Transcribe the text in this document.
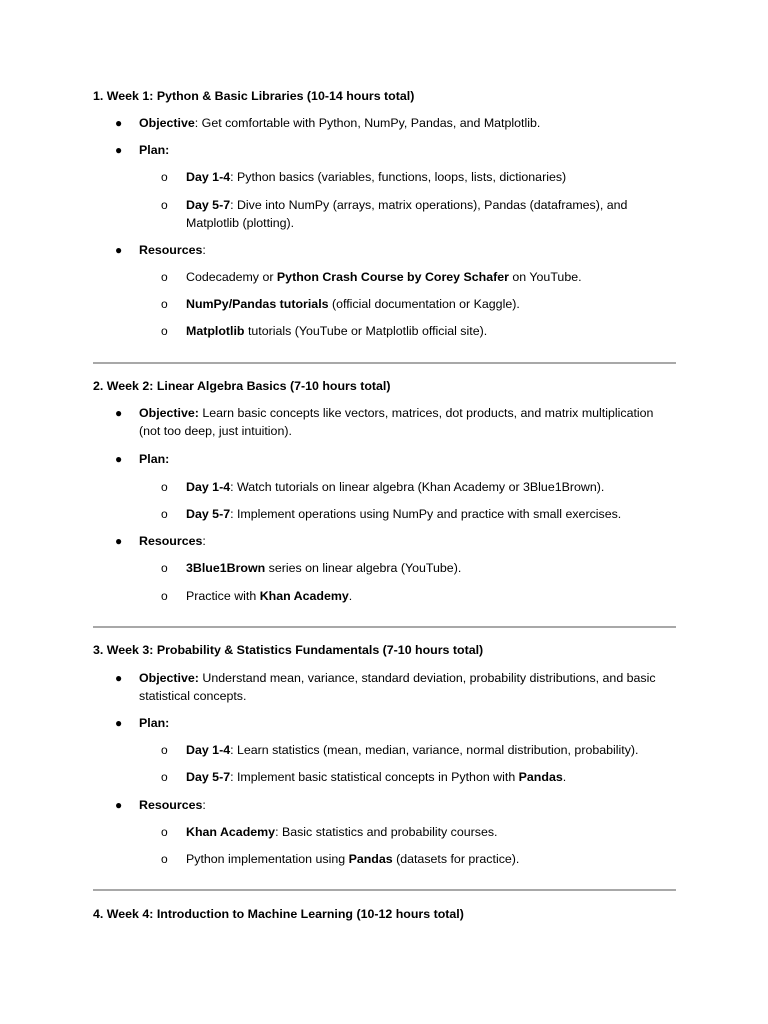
1. Week 1: Python & Basic Libraries (10-14 hours total)
● Objective: Get comfortable with Python, NumPy, Pandas, and Matplotlib.
● Plan:
o Day 1-4: Python basics (variables, functions, loops, lists, dictionaries)
o Day 5-7: Dive into NumPy (arrays, matrix operations), Pandas (dataframes), and Matplotlib (plotting).
● Resources:
o Codecademy or Python Crash Course by Corey Schafer on YouTube.
o NumPy/Pandas tutorials (official documentation or Kaggle).
o Matplotlib tutorials (YouTube or Matplotlib official site).
2. Week 2: Linear Algebra Basics (7-10 hours total)
● Objective: Learn basic concepts like vectors, matrices, dot products, and matrix multiplication (not too deep, just intuition).
● Plan:
o Day 1-4: Watch tutorials on linear algebra (Khan Academy or 3Blue1Brown).
o Day 5-7: Implement operations using NumPy and practice with small exercises.
● Resources:
o 3Blue1Brown series on linear algebra (YouTube).
o Practice with Khan Academy.
3. Week 3: Probability & Statistics Fundamentals (7-10 hours total)
● Objective: Understand mean, variance, standard deviation, probability distributions, and basic statistical concepts.
● Plan:
o Day 1-4: Learn statistics (mean, median, variance, normal distribution, probability).
o Day 5-7: Implement basic statistical concepts in Python with Pandas.
● Resources:
o Khan Academy: Basic statistics and probability courses.
o Python implementation using Pandas (datasets for practice).
4. Week 4: Introduction to Machine Learning (10-12 hours total)
